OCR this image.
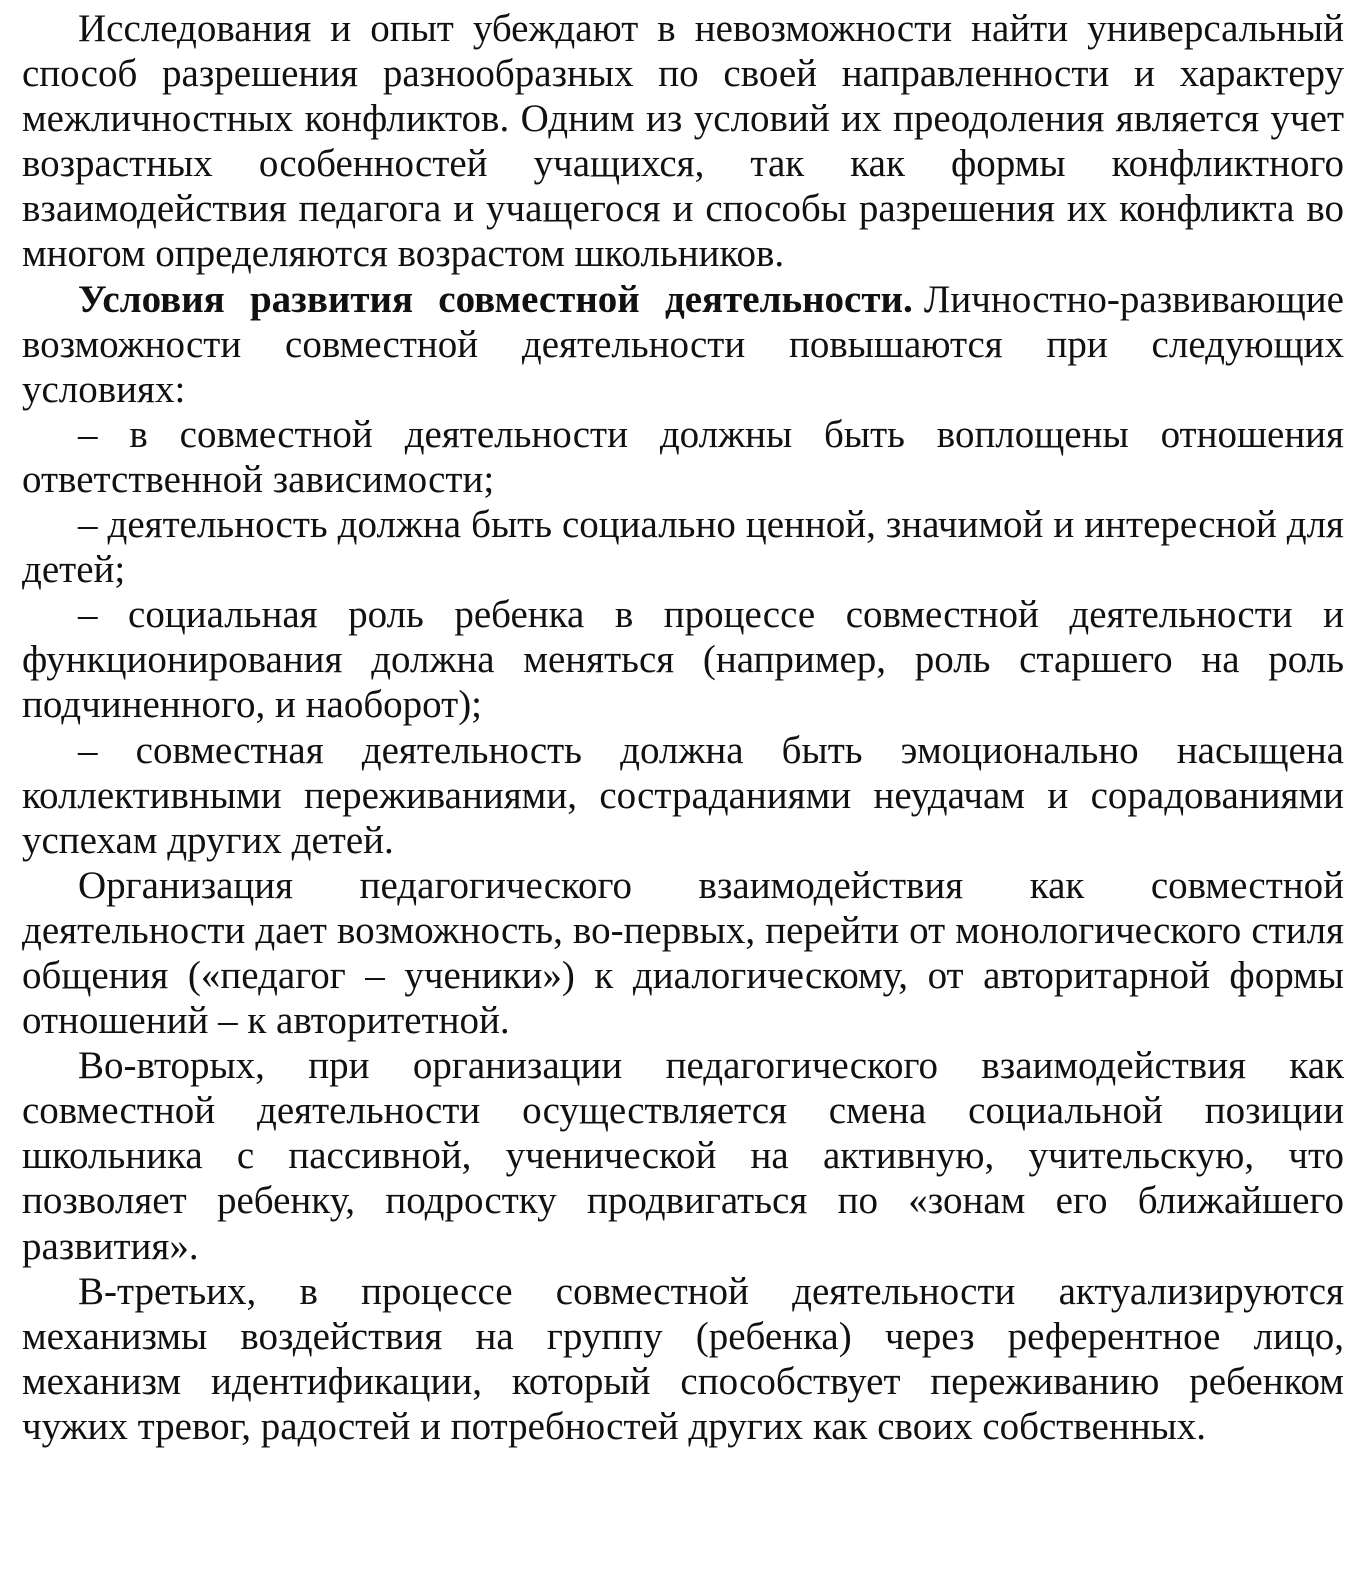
Исследования и опыт убеждают в невозможности найти универсальный способ разрешения разнообразных по своей направленности и характеру межличностных конфликтов. Одним из условий их преодоления является учет возрастных особенностей учащихся, так как формы конфликтного взаимодействия педагога и учащегося и способы разрешения их конфликта во многом определяются возрастом школьников.

Условия развития совместной деятельности. Личностно-развивающие возможности совместной деятельности повышаются при следующих условиях:

– в совместной деятельности должны быть воплощены отношения ответственной зависимости;

– деятельность должна быть социально ценной, значимой и интересной для детей;

– социальная роль ребенка в процессе совместной деятельности и функционирования должна меняться (например, роль старшего на роль подчиненного, и наоборот);

– совместная деятельность должна быть эмоционально насыщена коллективными переживаниями, состраданиями неудачам и сорадованиями успехам других детей.

Организация педагогического взаимодействия как совместной деятельности дает возможность, во-первых, перейти от монологического стиля общения («педагог – ученики») к диалогическому, от авторитарной формы отношений – к авторитетной.

Во-вторых, при организации педагогического взаимодействия как совместной деятельности осуществляется смена социальной позиции школьника с пассивной, ученической на активную, учительскую, что позволяет ребенку, подростку продвигаться по «зонам его ближайшего развития».

В-третьих, в процессе совместной деятельности актуализируются механизмы воздействия на группу (ребенка) через референтное лицо, механизм идентификации, который способствует переживанию ребенком чужих тревог, радостей и потребностей других как своих собственных.
